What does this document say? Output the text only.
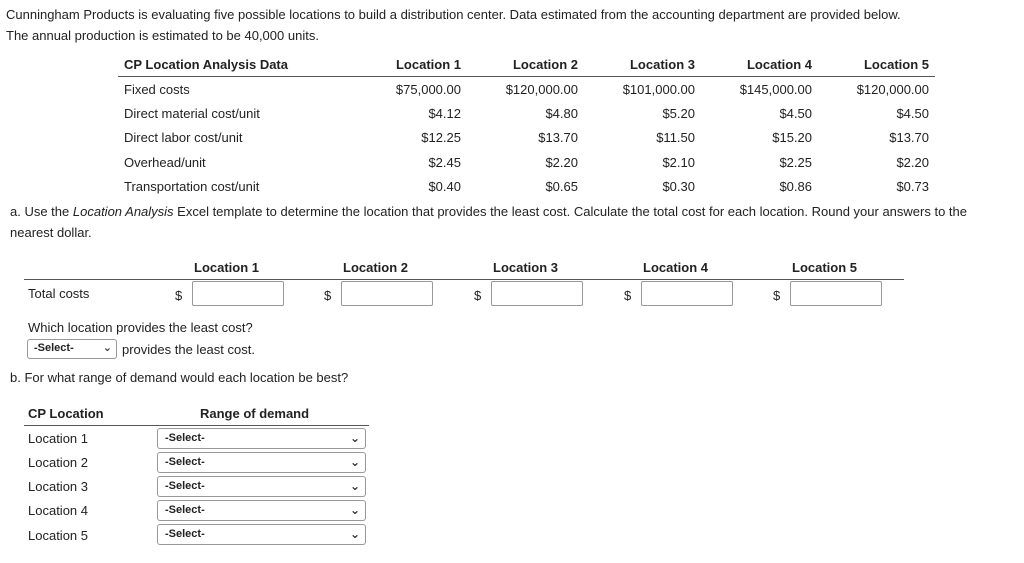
Cunningham Products is evaluating five possible locations to build a distribution center. Data estimated from the accounting department are provided below.
The annual production is estimated to be 40,000 units.
CP Location Analysis Data	Location 1	Location 2	Location 3	Location 4	Location 5
Fixed costs	$75,000.00	$120,000.00	$101,000.00	$145,000.00	$120,000.00
Direct material cost/unit	$4.12	$4.80	$5.20	$4.50	$4.50
Direct labor cost/unit	$12.25	$13.70	$11.50	$15.20	$13.70
Overhead/unit	$2.45	$2.20	$2.10	$2.25	$2.20
Transportation cost/unit	$0.40	$0.65	$0.30	$0.86	$0.73
a. Use the Location Analysis Excel template to determine the location that provides the least cost. Calculate the total cost for each location. Round your answers to the nearest dollar.
Location 1	Location 2	Location 3	Location 4	Location 5
Total costs	$	$	$	$	$
Which location provides the least cost?
-Select-	⌄ provides the least cost.
b. For what range of demand would each location be best?
CP Location	Range of demand
Location 1	-Select-	⌄
Location 2	-Select-	⌄
Location 3	-Select-	⌄
Location 4	-Select-	⌄
Location 5	-Select-	⌄
